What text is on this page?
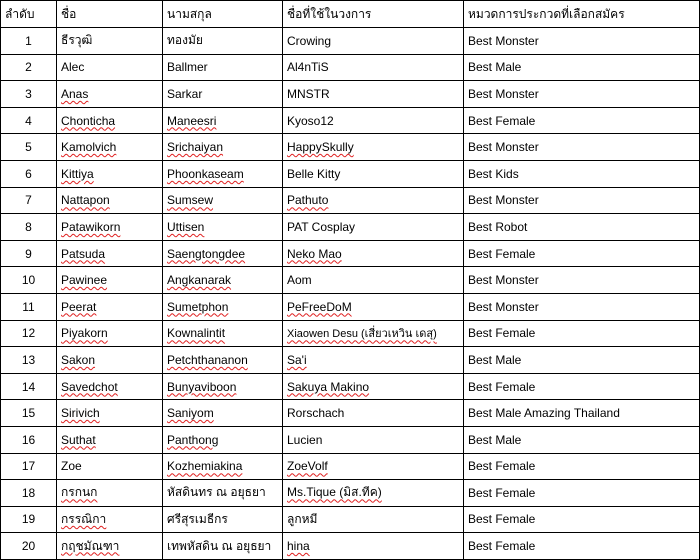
ลำดับ	ชื่อ	นามสกุล	ชื่อที่ใช้ในวงการ	หมวดการประกวดที่เลือกสมัคร
1	ธีรวุฒิ	ทองมัย	Crowing	Best Monster
2	Alec	Ballmer	Al4nTiS	Best Male
3	Anas	Sarkar	MNSTR	Best Monster
4	Chonticha	Maneesri	Kyoso12	Best Female
5	Kamolvich	Srichaiyan	HappySkully	Best Monster
6	Kittiya	Phoonkaseam	Belle Kitty	Best Kids
7	Nattapon	Sumsew	Pathuto	Best Monster
8	Patawikorn	Uttisen	PAT Cosplay	Best Robot
9	Patsuda	Saengtongdee	Neko Mao	Best Female
10	Pawinee	Angkanarak	Aom	Best Monster
11	Peerat	Sumetphon	PeFreeDoM	Best Monster
12	Piyakorn	Kownalintit	Xiaowen Desu (เสี่ยวเหวิน เดสุ)	Best Female
13	Sakon	Petchthananon	Sa'i	Best Male
14	Savedchot	Bunyaviboon	Sakuya Makino	Best Female
15	Sirivich	Saniyom	Rorschach	Best Male Amazing Thailand
16	Suthat	Panthong	Lucien	Best Male
17	Zoe	Kozhemiakina	ZoeVolf	Best Female
18	กรกนก	หัสดินทร ณ อยุธยา	Ms.Tique (มิส.ทีค)	Best Female
19	กรรณิกา	ศรีสุรเมธีกร	ลูกหมี	Best Female
20	กฤชมัณฑา	เทพหัสดิน ณ อยุธยา	hina	Best Female
